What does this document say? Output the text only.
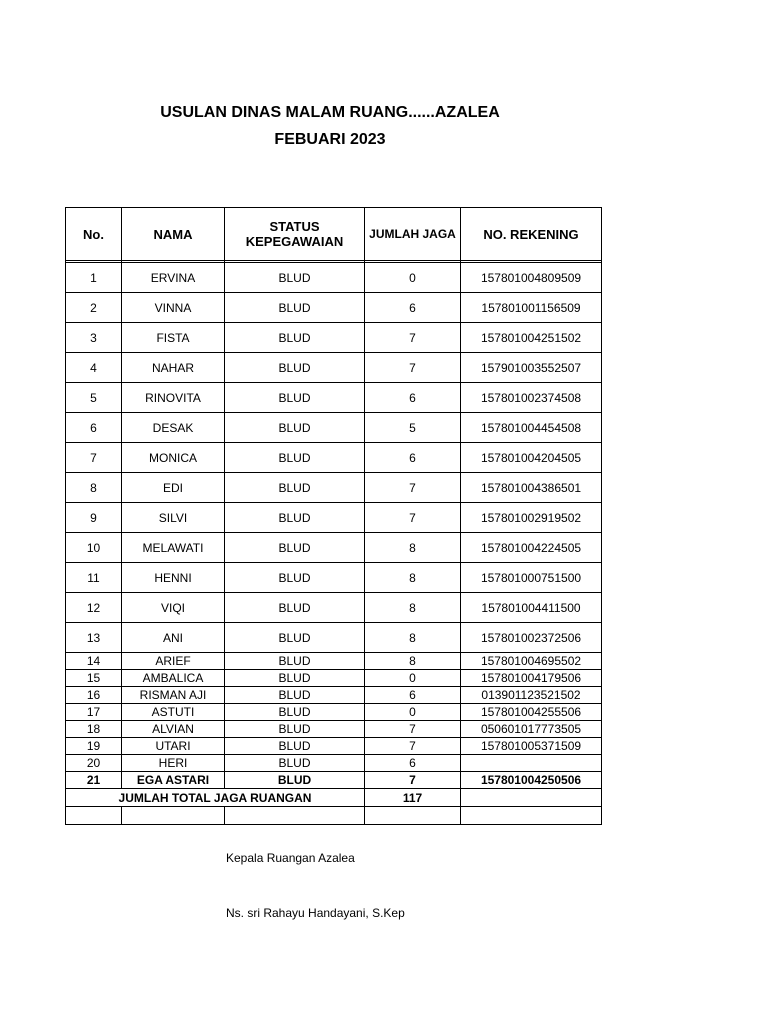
USULAN DINAS MALAM RUANG......AZALEA
FEBUARI 2023
No.	NAMA	STATUS KEPEGAWAIAN	JUMLAH JAGA	NO. REKENING

1	ERVINA	BLUD	0	157801004809509
2	VINNA	BLUD	6	157801001156509
3	FISTA	BLUD	7	157801004251502
4	NAHAR	BLUD	7	157901003552507
5	RINOVITA	BLUD	6	157801002374508
6	DESAK	BLUD	5	157801004454508
7	MONICA	BLUD	6	157801004204505
8	EDI	BLUD	7	157801004386501
9	SILVI	BLUD	7	157801002919502
10	MELAWATI	BLUD	8	157801004224505
11	HENNI	BLUD	8	157801000751500
12	VIQI	BLUD	8	157801004411500
13	ANI	BLUD	8	157801002372506
14	ARIEF	BLUD	8	157801004695502
15	AMBALICA	BLUD	0	157801004179506
16	RISMAN AJI	BLUD	6	013901123521502
17	ASTUTI	BLUD	0	157801004255506
18	ALVIAN	BLUD	7	050601017773505
19	UTARI	BLUD	7	157801005371509
20	HERI	BLUD	6	
21	EGA ASTARI	BLUD	7	157801004250506
JUMLAH TOTAL JAGA RUANGAN			117	

Kepala Ruangan Azalea
Ns. sri Rahayu Handayani, S.Kep
